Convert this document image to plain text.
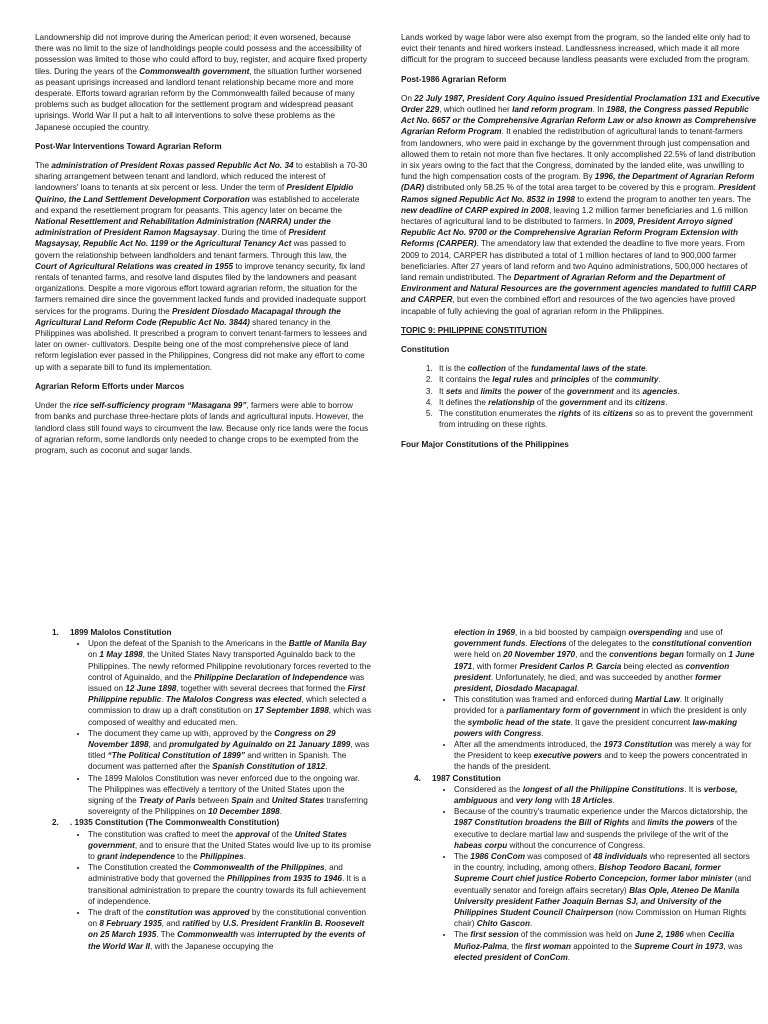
Landownership did not improve during the American period; it even worsened, because there was no limit to the size of landholdings people could possess and the accessibility of possession was limited to those who could afford to buy, register, and acquire fixed property tiles. During the years of the Commonwealth government, the situation further worsened as peasant uprisings increased and landlord tenant relationship became more and more desperate. Efforts toward agrarian reform by the Commonwealth failed because of many problems such as budget allocation for the settlement program and widespread peasant uprisings. World War II put a halt to all interventions to solve these problems as the Japanese occupied the country.

Post-War Interventions Toward Agrarian Reform

The administration of President Roxas passed Republic Act No. 34 to establish a 70-30 sharing arrangement between tenant and landlord, which reduced the interest of landowners' loans to tenants at six percent or less. Under the term of President Elpidio Quirino, the Land Settlement Development Corporation was established to accelerate and expand the resettlement program for peasants. This agency later on became the National Resettlement and Rehabilitation Administration (NARRA) under the administration of President Ramon Magsaysay. During the time of President Magsaysay, Republic Act No. 1199 or the Agricultural Tenancy Act was passed to govern the relationship between landholders and tenant farmers. Through this law, the Court of Agricultural Relations was created in 1955 to improve tenancy security, fix land rentals of tenanted farms, and resolve land disputes filed by the landowners and peasant organizations. Despite a more vigorous effort toward agrarian reform, the situation for the farmers remained dire since the government lacked funds and provided inadequate support services for the programs. During the President Diosdado Macapagal through the Agricultural Land Reform Code (Republic Act No. 3844) shared tenancy in the Philippines was abolished. It prescribed a program to convert tenant-farmers to lessees and later on owner- cultivators. Despite being one of the most comprehensive piece of land reform legislation ever passed in the Philippines, Congress did not make any effort to come up with a separate bill to fund its implementation.

Agrarian Reform Efforts under Marcos

Under the rice self-sufficiency program “Masagana 99”, farmers were able to borrow from banks and purchase three-hectare plots of lands and agricultural inputs. However, the landlord class still found ways to circumvent the law. Because only rice lands were the focus of agrarian reform, some landlords only needed to change crops to be exempted from the program, such as coconut and sugar lands.

Lands worked by wage labor were also exempt from the program, so the landed elite only had to evict their tenants and hired workers instead. Landlessness increased, which made it all more difficult for the program to succeed because landless peasants were excluded from the program.

Post-1986 Agrarian Reform

On 22 July 1987, President Cory Aquino issued Presidential Proclamation 131 and Executive Order 229, which outlined her land reform program. In 1988, the Congress passed Republic Act No. 6657 or the Comprehensive Agrarian Reform Law or also known as Comprehensive Agrarian Reform Program. It enabled the redistribution of agricultural lands to tenant-farmers from landowners, who were paid in exchange by the government through just compensation and allowed them to retain not more than five hectares. It only accomplished 22.5% of land distribution in six years owing to the fact that the Congress, dominated by the landed elite, was unwilling to fund the high compensation costs of the program. By 1996, the Department of Agrarian Reform (DAR) distributed only 58.25 % of the total area target to be covered by this e program. President Ramos signed Republic Act No. 8532 in 1998 to extend the program to another ten years. The new deadline of CARP expired in 2008, leaving 1.2 million farmer beneficiaries and 1.6 million hectares of agricultural land to be distributed to farmers. In 2009, President Arroyo signed Republic Act No. 9700 or the Comprehensive Agrarian Reform Program Extension with Reforms (CARPER). The amendatory law that extended the deadline to five more years. From 2009 to 2014, CARPER has distributed a total of 1 million hectares of land to 900,000 farmer beneficiaries. After 27 years of land reform and two Aquino administrations, 500,000 hectares of land remain undistributed. The Department of Agrarian Reform and the Department of Environment and Natural Resources are the government agencies mandated to fulfill CARP and CARPER, but even the combined effort and resources of the two agencies have proved incapable of fully achieving the goal of agrarian reform in the Philippines.

TOPIC 9: PHILIPPINE CONSTITUTION
Constitution
1. It is the collection of the fundamental laws of the state.
2. It contains the legal rules and principles of the community.
3. It sets and limits the power of the government and its agencies.
4. It defines the relationship of the government and its citizens.
5. The constitution enumerates the rights of its citizens so as to prevent the government from intruding on these rights.
Four Major Constitutions of the Philippines
1. 1899 Malolos Constitution
• Upon the defeat of the Spanish to the Americans in the Battle of Manila Bay on 1 May 1898, the United States Navy transported Aguinaldo back to the Philippines. The newly reformed Philippine revolutionary forces reverted to the control of Aguinaldo, and the Philippine Declaration of Independence was issued on 12 June 1898, together with several decrees that formed the First Philippine republic. The Malolos Congress was elected, which selected a commission to draw up a draft constitution on 17 September 1898, which was composed of wealthy and educated men.
• The document they came up with, approved by the Congress on 29 November 1898, and promulgated by Aguinaldo on 21 January 1899, was titled “The Political Constitution of 1899” and written in Spanish. The document was patterned after the Spanish Constitution of 1812.
• The 1899 Malolos Constitution was never enforced due to the ongoing war. The Philippines was effectively a territory of the United States upon the signing of the Treaty of Paris between Spain and United States transferring sovereignty of the Philippines on 10 December 1898.
2. . 1935 Constitution (The Commonwealth Constitution)
• The constitution was crafted to meet the approval of the United States government, and to ensure that the United States would live up to its promise to grant independence to the Philippines.
• The Constitution created the Commonwealth of the Philippines, and administrative body that governed the Philippines from 1935 to 1946. It is a transitional administration to prepare the country towards its full achievement of independence.
• The draft of the constitution was approved by the constitutional convention on 8 February 1935, and ratified by U.S. President Franklin B. Roosevelt on 25 March 1935. The Commonwealth was interrupted by the events of the World War II, with the Japanese occupying the
election in 1969, in a bid boosted by campaign overspending and use of government funds. Elections of the delegates to the constitutional convention were held on 20 November 1970, and the conventions began formally on 1 June 1971, with former President Carlos P. Garcia being elected as convention president. Unfortunately, he died, and was succeeded by another former president, Diosdado Macapagal.
• This constitution was framed and enforced during Martial Law. It originally provided for a parliamentary form of government in which the president is only the symbolic head of the state. It gave the president concurrent law-making powers with Congress.
• After all the amendments introduced, the 1973 Constitution was merely a way for the President to keep executive powers and to keep the powers concentrated in the hands of the president.
4. 1987 Constitution
• Considered as the longest of all the Philippine Constitutions. It is verbose, ambiguous and very long with 18 Articles.
• Because of the country's traumatic experience under the Marcos dictatorship, the 1987 Constitution broadens the Bill of Rights and limits the powers of the executive to declare martial law and suspends the privilege of the writ of the habeas corpu without the concurrence of Congress.
• The 1986 ConCom was composed of 48 individuals who represented all sectors in the country, including, among others, Bishop Teodoro Bacani, former Supreme Court chief justice Roberto Concepcion, former labor minister (and eventually senator and foreign affairs secretary) Blas Ople, Ateneo De Manila University president Father Joaquin Bernas SJ, and University of the Philippines Student Council Chairperson (now Commission on Human Rights chair) Chito Gascon.
• The first session of the commission was held on June 2, 1986 when Cecilia Muñoz-Palma, the first woman appointed to the Supreme Court in 1973, was elected president of ConCom.
